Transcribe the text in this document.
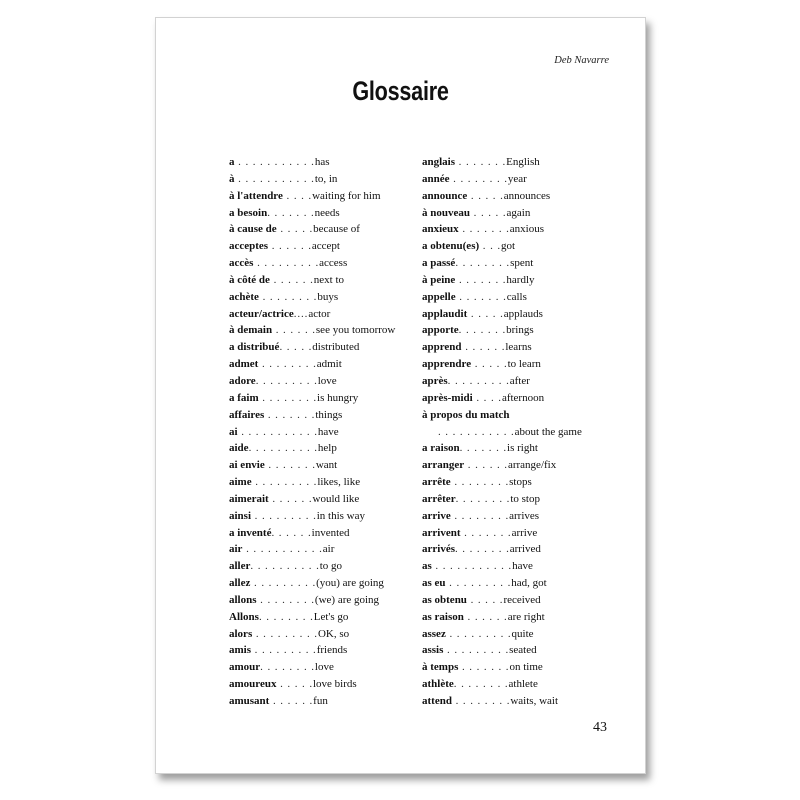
Deb Navarre
Glossaire
a . . . . . . . . . . .has
à . . . . . . . . . . .to, in
à l'attendre . . . .waiting for him
a besoin. . . . . . .needs
à cause de . . . . .because of
acceptes . . . . . .accept
accès . . . . . . . . .access
à côté de . . . . . .next to
achète . . . . . . . .buys
acteur/actrice....actor
à demain . . . . . .see you tomorrow
a distribué. . . . .distributed
admet . . . . . . . .admit
adore. . . . . . . . .love
a faim . . . . . . . .is hungry
affaires . . . . . . .things
ai . . . . . . . . . . .have
aide. . . . . . . . . .help
ai envie . . . . . . .want
aime . . . . . . . . .likes, like
aimerait . . . . . .would like
ainsi . . . . . . . . .in this way
a inventé. . . . . .invented
air . . . . . . . . . . .air
aller. . . . . . . . . .to go
allez . . . . . . . . .(you) are going
allons . . . . . . . .(we) are going
Allons. . . . . . . .Let's go
alors . . . . . . . . .OK, so
amis . . . . . . . . .friends
amour. . . . . . . .love
amoureux . . . . .love birds
amusant . . . . . .fun
anglais . . . . . . .English
année . . . . . . . .year
announce . . . . .announces
à nouveau . . . . .again
anxieux . . . . . . .anxious
a obtenu(es) . . .got
a passé. . . . . . . .spent
à peine . . . . . . .hardly
appelle . . . . . . .calls
applaudit . . . . .applauds
apporte. . . . . . .brings
apprend . . . . . .learns
apprendre . . . . .to learn
après. . . . . . . . .after
après-midi . . . .afternoon
à propos du match
. . . . . . . . . . .about the game
a raison. . . . . . .is right
arranger . . . . . .arrange/fix
arrête . . . . . . . .stops
arrêter. . . . . . . .to stop
arrive . . . . . . . .arrives
arrivent . . . . . . .arrive
arrivés. . . . . . . .arrived
as . . . . . . . . . . .have
as eu . . . . . . . . .had, got
as obtenu . . . . .received
as raison . . . . . .are right
assez . . . . . . . . .quite
assis . . . . . . . . .seated
à temps . . . . . . .on time
athlète. . . . . . . .athlete
attend . . . . . . . .waits, wait
43
